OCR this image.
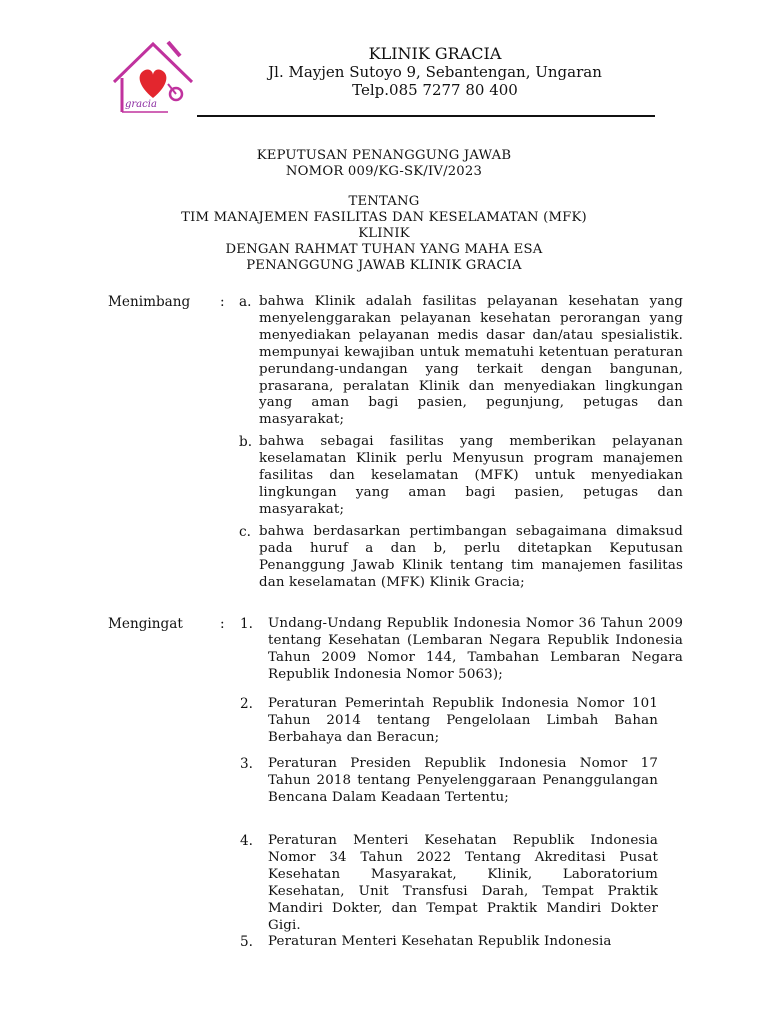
gracia
KLINIK GRACIA
Jl. Mayjen Sutoyo 9, Sebantengan, Ungaran
Telp.085 7277 80 400
KEPUTUSAN PENANGGUNG JAWAB
NOMOR 009/KG-SK/IV/2023
TENTANG
TIM MANAJEMEN FASILITAS DAN KESELAMATAN (MFK)
KLINIK
DENGAN RAHMAT TUHAN YANG MAHA ESA
PENANGGUNG JAWAB KLINIK GRACIA
Menimbang : a. bahwa Klinik adalah fasilitas pelayanan kesehatan yang menyelenggarakan pelayanan kesehatan perorangan yang menyediakan pelayanan medis dasar dan/atau spesialistik. mempunyai kewajiban untuk mematuhi ketentuan peraturan perundang-undangan yang terkait dengan bangunan, prasarana, peralatan Klinik dan menyediakan lingkungan yang aman bagi pasien, pegunjung, petugas dan masyarakat;
b. bahwa sebagai fasilitas yang memberikan pelayanan keselamatan Klinik perlu Menyusun program manajemen fasilitas dan keselamatan (MFK) untuk menyediakan lingkungan yang aman bagi pasien, petugas dan masyarakat;
c. bahwa berdasarkan pertimbangan sebagaimana dimaksud pada huruf a dan b, perlu ditetapkan Keputusan Penanggung Jawab Klinik tentang tim manajemen fasilitas dan keselamatan (MFK) Klinik Gracia;
Mengingat	: 1. Undang-Undang Republik Indonesia Nomor 36 Tahun 2009 tentang Kesehatan (Lembaran Negara Republik Indonesia Tahun 2009 Nomor 144, Tambahan Lembaran Negara Republik Indonesia Nomor 5063);
2. Peraturan Pemerintah Republik Indonesia Nomor 101 Tahun 2014 tentang Pengelolaan Limbah Bahan Berbahaya dan Beracun;
3. Peraturan Presiden Republik Indonesia Nomor 17 Tahun 2018 tentang Penyelenggaraan Penanggulangan Bencana Dalam Keadaan Tertentu;
4. Peraturan Menteri Kesehatan Republik Indonesia Nomor 34 Tahun 2022 Tentang Akreditasi Pusat Kesehatan Masyarakat, Klinik, Laboratorium Kesehatan, Unit Transfusi Darah, Tempat Praktik Mandiri Dokter, dan Tempat Praktik Mandiri Dokter Gigi.
5. Peraturan Menteri Kesehatan Republik Indonesia
